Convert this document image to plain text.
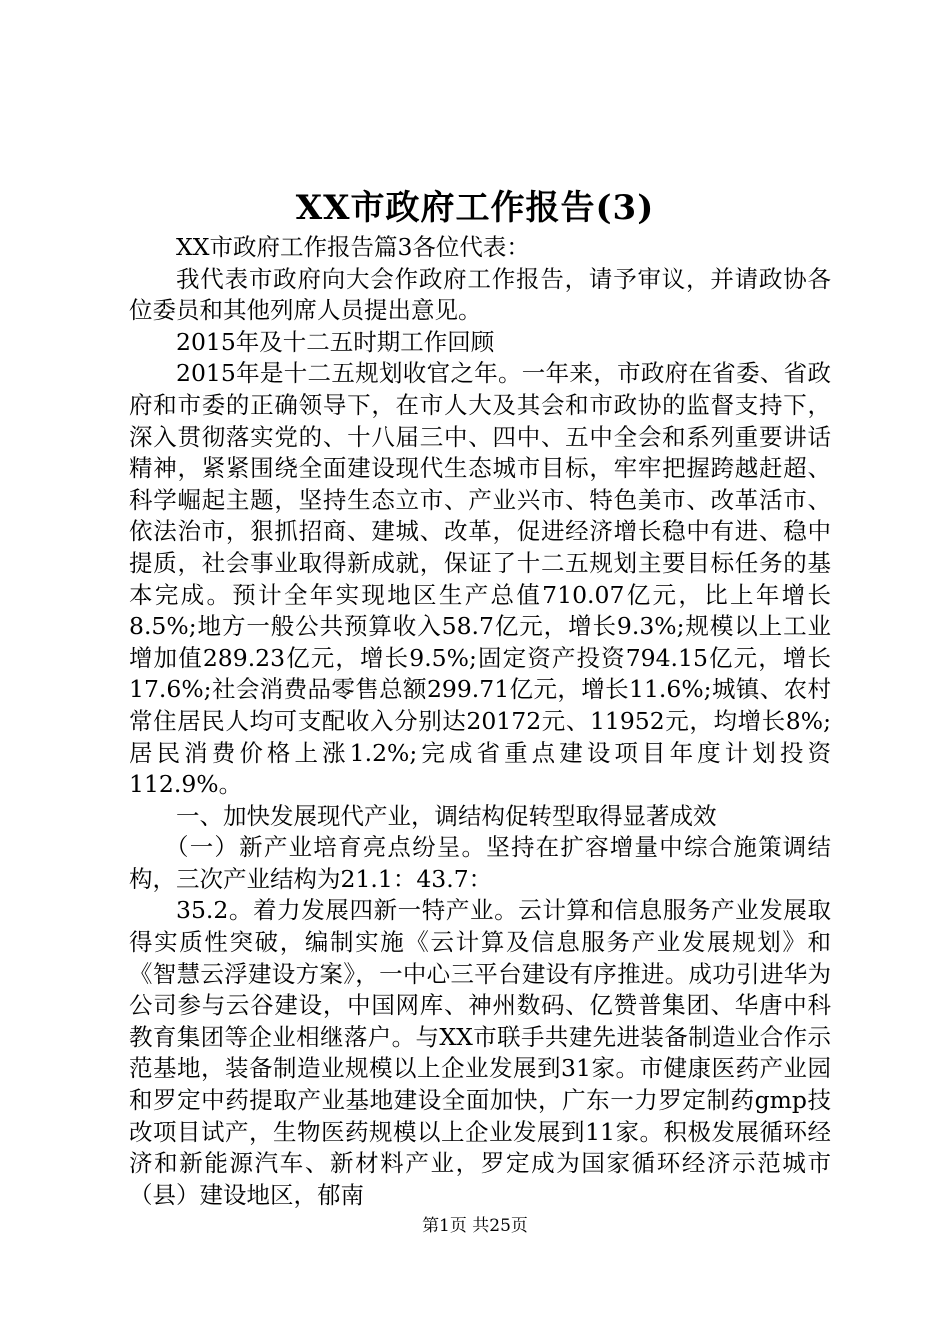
XX市政府工作报告(3)

XX市政府工作报告篇3各位代表：

我代表市政府向大会作政府工作报告，请予审议，并请政协各位委员和其他列席人员提出意见。

2015年及十二五时期工作回顾

2015年是十二五规划收官之年。一年来，市政府在省委、省政府和市委的正确领导下，在市人大及其会和市政协的监督支持下，深入贯彻落实党的、十八届三中、四中、五中全会和系列重要讲话精神，紧紧围绕全面建设现代生态城市目标，牢牢把握跨越赶超、科学崛起主题，坚持生态立市、产业兴市、特色美市、改革活市、依法治市，狠抓招商、建城、改革，促进经济增长稳中有进、稳中提质，社会事业取得新成就，保证了十二五规划主要目标任务的基本完成。预计全年实现地区生产总值710.07亿元，比上年增长8.5%;地方一般公共预算收入58.7亿元，增长9.3%;规模以上工业增加值289.23亿元，增长9.5%;固定资产投资794.15亿元，增长17.6%;社会消费品零售总额299.71亿元，增长11.6%;城镇、农村常住居民人均可支配收入分别达20172元、11952元，均增长8%;居民消费价格上涨1.2%;完成省重点建设项目年度计划投资112.9%。

一、加快发展现代产业，调结构促转型取得显著成效

（一）新产业培育亮点纷呈。坚持在扩容增量中综合施策调结构，三次产业结构为21.1：43.7：

35.2。着力发展四新一特产业。云计算和信息服务产业发展取得实质性突破，编制实施《云计算及信息服务产业发展规划》和《智慧云浮建设方案》，一中心三平台建设有序推进。成功引进华为公司参与云谷建设，中国网库、神州数码、亿赞普集团、华唐中科教育集团等企业相继落户。与XX市联手共建先进装备制造业合作示范基地，装备制造业规模以上企业发展到31家。市健康医药产业园和罗定中药提取产业基地建设全面加快，广东一力罗定制药gmp技改项目试产，生物医药规模以上企业发展到11家。积极发展循环经济和新能源汽车、新材料产业，罗定成为国家循环经济示范城市（县）建设地区，郁南

第1页 共25页
